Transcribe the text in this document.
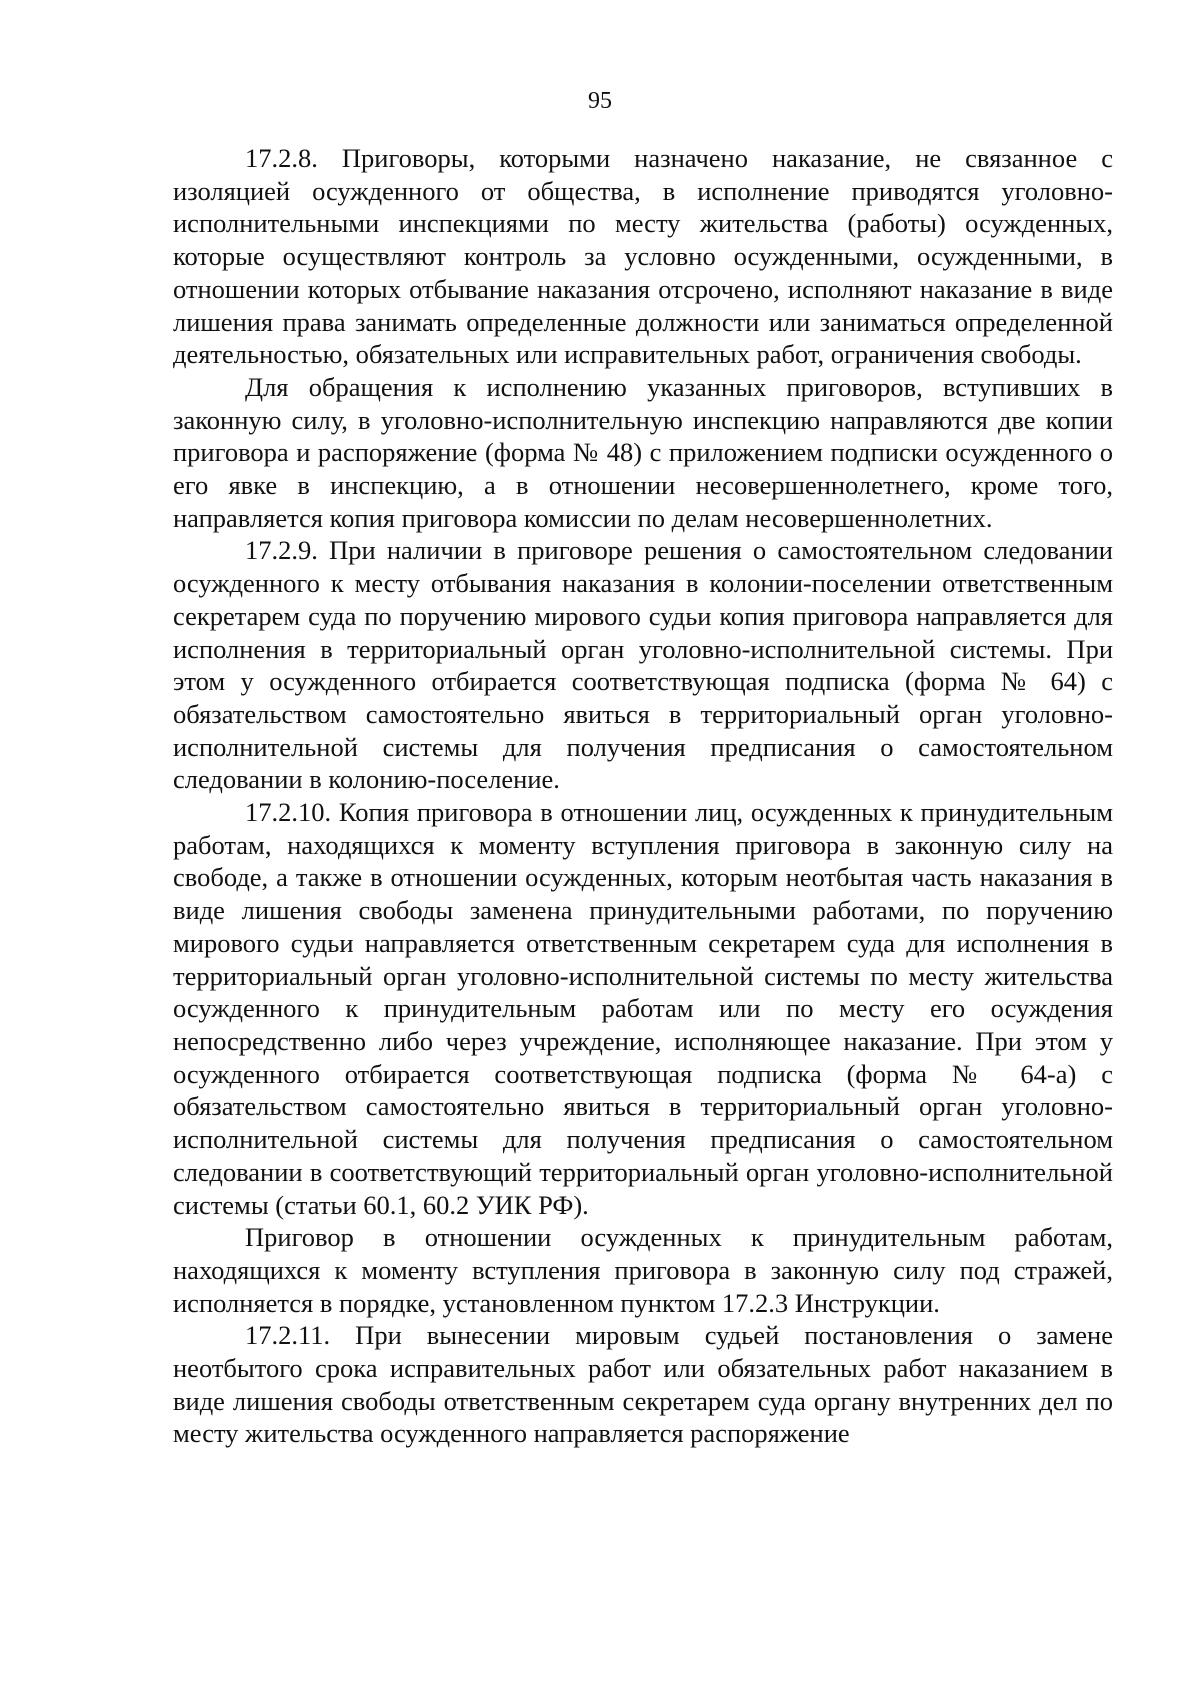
95

17.2.8. Приговоры, которыми назначено наказание, не связанное с изоляцией осужденного от общества, в исполнение приводятся уголовно-исполнительными инспекциями по месту жительства (работы) осужденных, которые осуществляют контроль за условно осужденными, осужденными, в отношении которых отбывание наказания отсрочено, исполняют наказание в виде лишения права занимать определенные должности или заниматься определенной деятельностью, обязательных или исправительных работ, ограничения свободы.

Для обращения к исполнению указанных приговоров, вступивших в законную силу, в уголовно-исполнительную инспекцию направляются две копии приговора и распоряжение (форма № 48) с приложением подписки осужденного о его явке в инспекцию, а в отношении несовершеннолетнего, кроме того, направляется копия приговора комиссии по делам несовершеннолетних.

17.2.9. При наличии в приговоре решения о самостоятельном следовании осужденного к месту отбывания наказания в колонии-поселении ответственным секретарем суда по поручению мирового судьи копия приговора направляется для исполнения в территориальный орган уголовно-исполнительной системы. При этом у осужденного отбирается соответствующая подписка (форма № 64) с обязательством самостоятельно явиться в территориальный орган уголовно-исполнительной системы для получения предписания о самостоятельном следовании в колонию-поселение.

17.2.10. Копия приговора в отношении лиц, осужденных к принудительным работам, находящихся к моменту вступления приговора в законную силу на свободе, а также в отношении осужденных, которым неотбытая часть наказания в виде лишения свободы заменена принудительными работами, по поручению мирового судьи направляется ответственным секретарем суда для исполнения в территориальный орган уголовно-исполнительной системы по месту жительства осужденного к принудительным работам или по месту его осуждения непосредственно либо через учреждение, исполняющее наказание. При этом у осужденного отбирается соответствующая подписка (форма № 64-а) с обязательством самостоятельно явиться в территориальный орган уголовно-исполнительной системы для получения предписания о самостоятельном следовании в соответствующий территориальный орган уголовно-исполнительной системы (статьи 60.1, 60.2 УИК РФ).

Приговор в отношении осужденных к принудительным работам, находящихся к моменту вступления приговора в законную силу под стражей, исполняется в порядке, установленном пунктом 17.2.3 Инструкции.

17.2.11. При вынесении мировым судьей постановления о замене неотбытого срока исправительных работ или обязательных работ наказанием в виде лишения свободы ответственным секретарем суда органу внутренних дел по месту жительства осужденного направляется распоряжение
